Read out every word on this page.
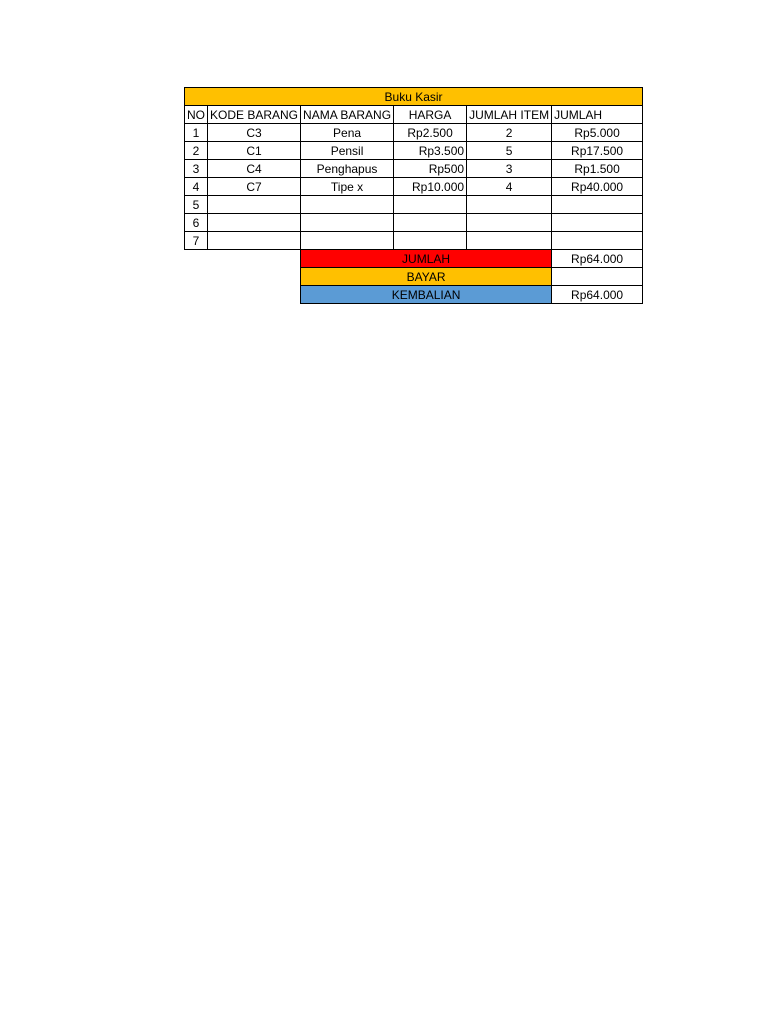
Buku Kasir					
NO	KODE BARANG	NAMA BARANG	HARGA	JUMLAH ITEM	JUMLAH
1	C3	Pena	Rp2.500	2	Rp5.000
2	C1	Pensil	Rp3.500	5	Rp17.500
3	C4	Penghapus	Rp500	3	Rp1.500
4	C7	Tipe x	Rp10.000	4	Rp40.000
5					
6					
7					
		JUMLAH			Rp64.000
		BAYAR			
		KEMBALIAN			Rp64.000
